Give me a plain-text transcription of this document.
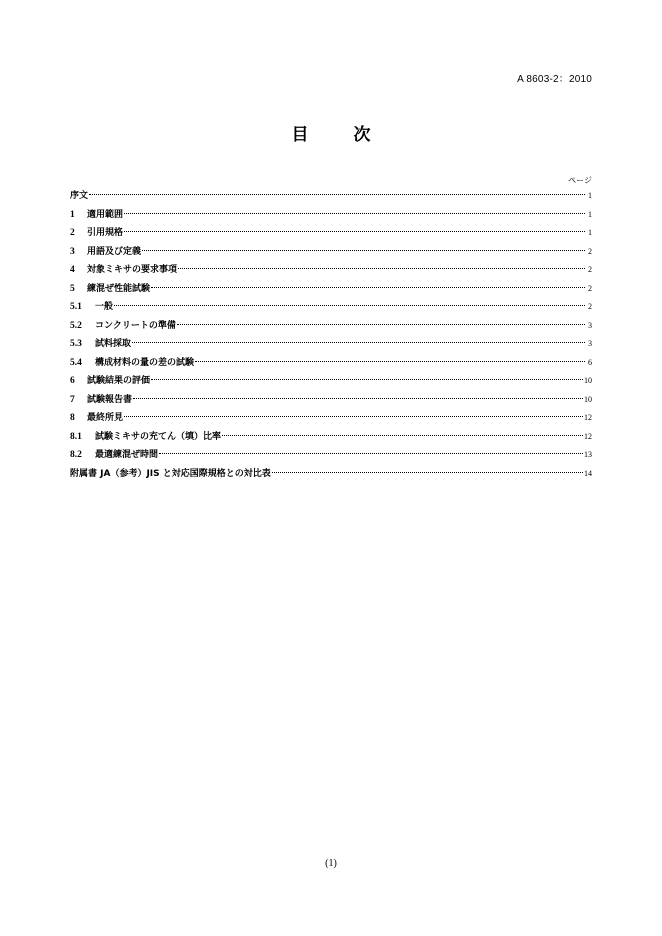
A 8603-2：2010
目　次
ページ
序文	1
1	適用範囲	1
2	引用規格	1
3	用語及び定義	2
4	対象ミキサの要求事項	2
5	練混ぜ性能試験	2
5.1	一般	2
5.2	コンクリートの準備	3
5.3	試料採取	3
5.4	構成材料の量の差の試験	6
6	試験結果の評価	10
7	試験報告書	10
8	最終所見	12
8.1	試験ミキサの充てん（填）比率	12
8.2	最適練混ぜ時間	13
附属書 JA（参考）JIS と対応国際規格との対比表	14
(1)
